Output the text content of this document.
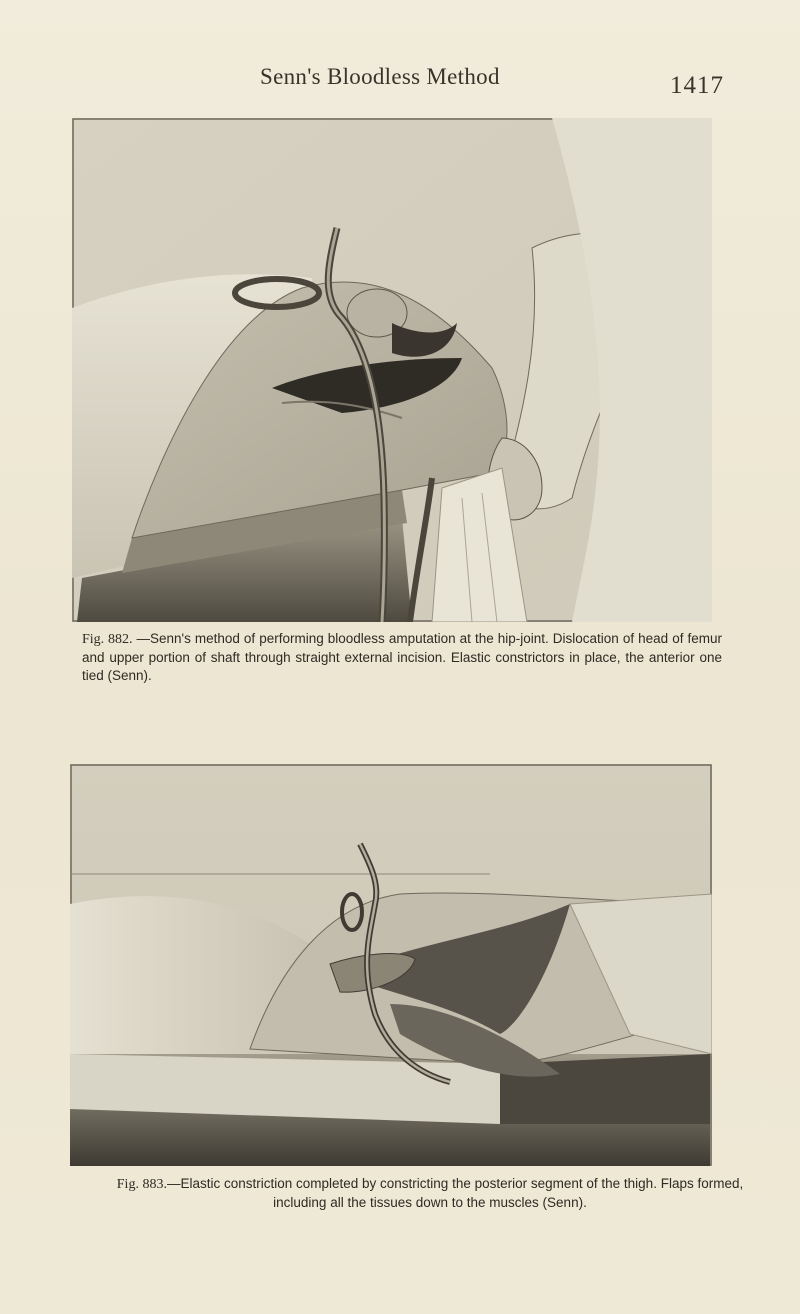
Senn's Bloodless Method	1417
Fig. 882. —Senn's method of performing bloodless amputation at the hip-joint. Dislocation of head of femur and upper portion of shaft through straight external incision. Elastic constrictors in place, the anterior one tied (Senn).
Fig. 883.—Elastic constriction completed by constricting the posterior segment of the thigh. Flaps formed, including all the tissues down to the muscles (Senn).
